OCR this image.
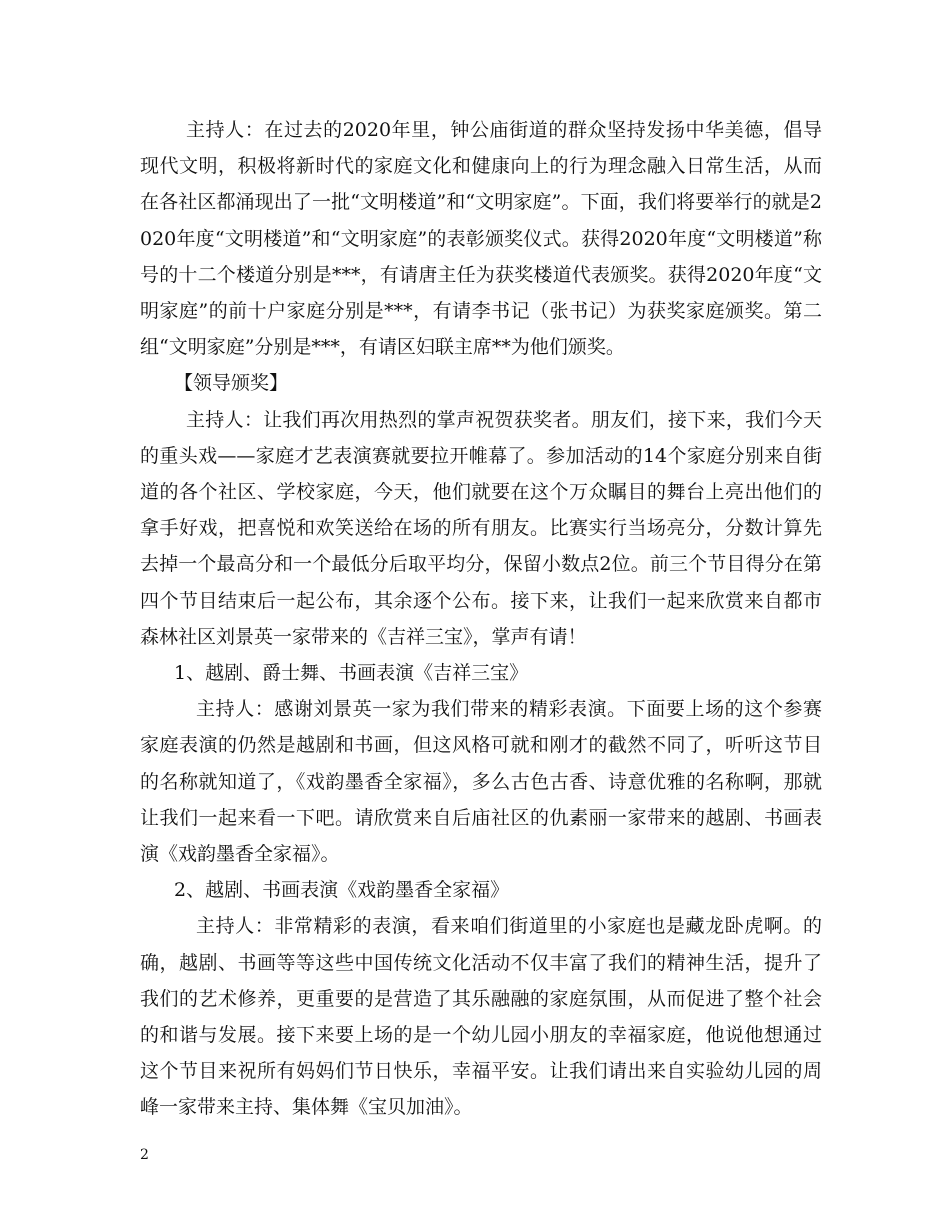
主持人：在过去的2020年里，钟公庙街道的群众坚持发扬中华美德，倡导现代文明，积极将新时代的家庭文化和健康向上的行为理念融入日常生活，从而在各社区都涌现出了一批“文明楼道”和“文明家庭”。下面，我们将要举行的就是2020年度“文明楼道”和“文明家庭”的表彰颁奖仪式。获得2020年度“文明楼道”称号的十二个楼道分别是***，有请唐主任为获奖楼道代表颁奖。获得2020年度“文明家庭”的前十户家庭分别是***，有请李书记（张书记）为获奖家庭颁奖。第二组“文明家庭”分别是***，有请区妇联主席**为他们颁奖。

【领导颁奖】

主持人：让我们再次用热烈的掌声祝贺获奖者。朋友们，接下来，我们今天的重头戏——家庭才艺表演赛就要拉开帷幕了。参加活动的14个家庭分别来自街道的各个社区、学校家庭，今天，他们就要在这个万众瞩目的舞台上亮出他们的拿手好戏，把喜悦和欢笑送给在场的所有朋友。比赛实行当场亮分，分数计算先去掉一个最高分和一个最低分后取平均分，保留小数点2位。前三个节目得分在第四个节目结束后一起公布，其余逐个公布。接下来，让我们一起来欣赏来自都市森林社区刘景英一家带来的《吉祥三宝》，掌声有请！

1、越剧、爵士舞、书画表演《吉祥三宝》

主持人：感谢刘景英一家为我们带来的精彩表演。下面要上场的这个参赛家庭表演的仍然是越剧和书画，但这风格可就和刚才的截然不同了，听听这节目的名称就知道了，《戏韵墨香全家福》，多么古色古香、诗意优雅的名称啊，那就让我们一起来看一下吧。请欣赏来自后庙社区的仇素丽一家带来的越剧、书画表演《戏韵墨香全家福》。

2、越剧、书画表演《戏韵墨香全家福》

主持人：非常精彩的表演，看来咱们街道里的小家庭也是藏龙卧虎啊。的确，越剧、书画等等这些中国传统文化活动不仅丰富了我们的精神生活，提升了我们的艺术修养，更重要的是营造了其乐融融的家庭氛围，从而促进了整个社会的和谐与发展。接下来要上场的是一个幼儿园小朋友的幸福家庭，他说他想通过这个节目来祝所有妈妈们节日快乐，幸福平安。让我们请出来自实验幼儿园的周峰一家带来主持、集体舞《宝贝加油》。

2
